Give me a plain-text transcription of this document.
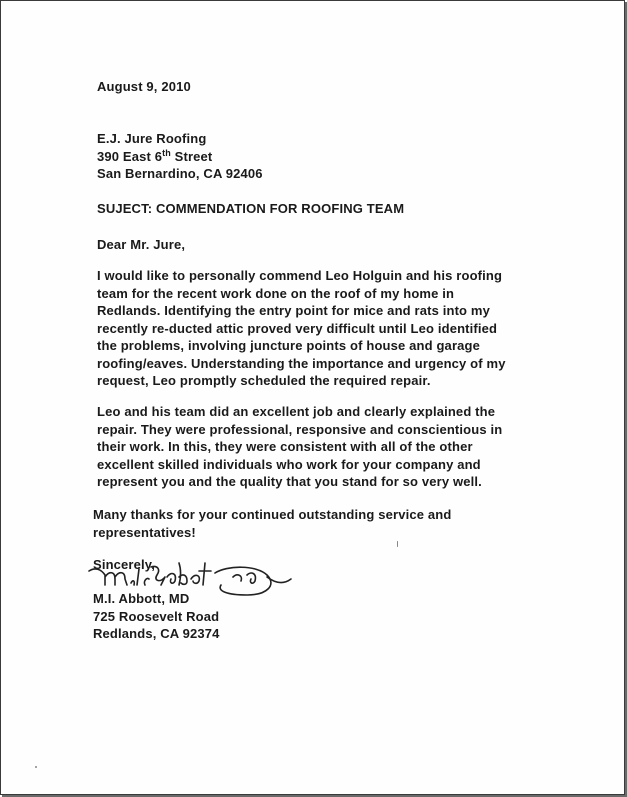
August 9, 2010
E.J. Jure Roofing
390 East 6th Street
San Bernardino, CA 92406
SUJECT: COMMENDATION FOR ROOFING TEAM
Dear Mr. Jure,
I would like to personally commend Leo Holguin and his roofing
team for the recent work done on the roof of my home in
Redlands. Identifying the entry point for mice and rats into my
recently re-ducted attic proved very difficult until Leo identified
the problems, involving juncture points of house and garage
roofing/eaves. Understanding the importance and urgency of my
request, Leo promptly scheduled the required repair.
Leo and his team did an excellent job and clearly explained the
repair. They were professional, responsive and conscientious in
their work. In this, they were consistent with all of the other
excellent skilled individuals who work for your company and
represent you and the quality that you stand for so very well.
Many thanks for your continued outstanding service and
representatives!
Sincerely,
M.I. Abbott, MD
725 Roosevelt Road
Redlands, CA 92374
